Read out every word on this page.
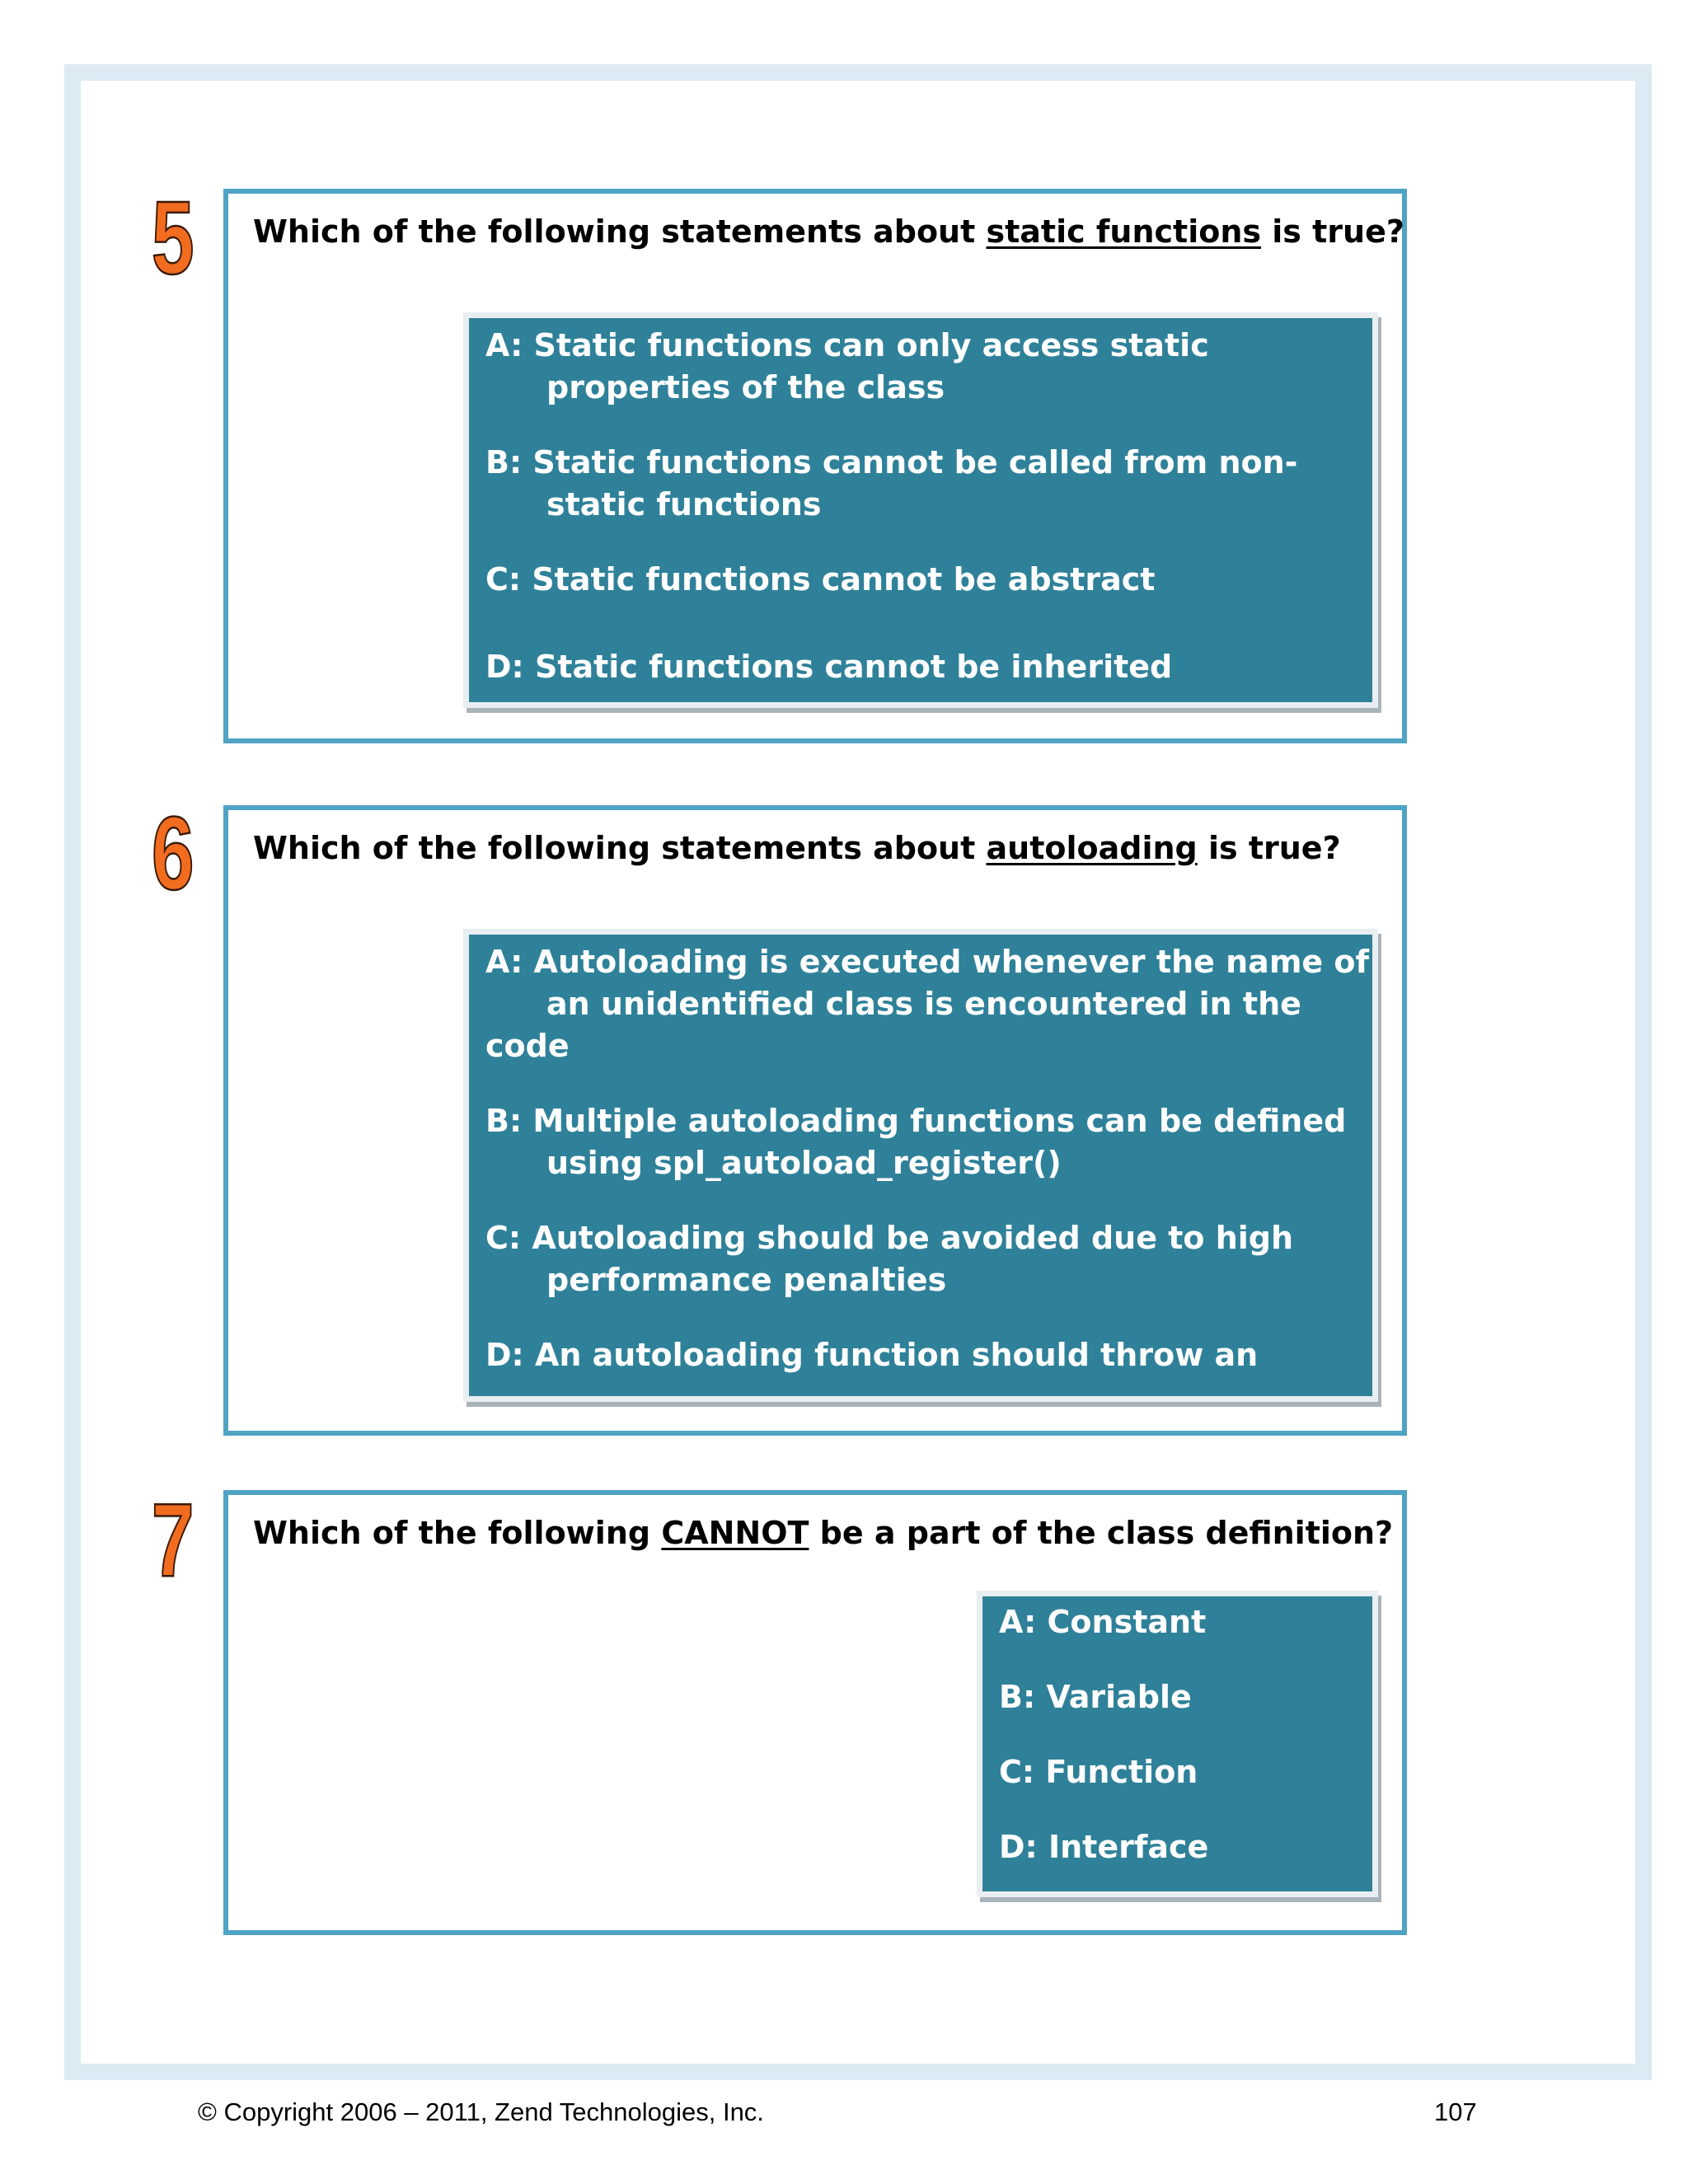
5 Which of the following statements about static functions is true?
A: Static functions can only access static
properties of the class
B: Static functions cannot be called from non-
static functions
C: Static functions cannot be abstract
D: Static functions cannot be inherited
6 Which of the following statements about autoloading is true?
A: Autoloading is executed whenever the name of
an unidentified class is encountered in the
code
B: Multiple autoloading functions can be defined
using spl_autoload_register()
C: Autoloading should be avoided due to high
performance penalties
D: An autoloading function should throw an
7 Which of the following CANNOT be a part of the class definition?
A: Constant
B: Variable
C: Function
D: Interface
© Copyright 2006 – 2011, Zend Technologies, Inc.	107
